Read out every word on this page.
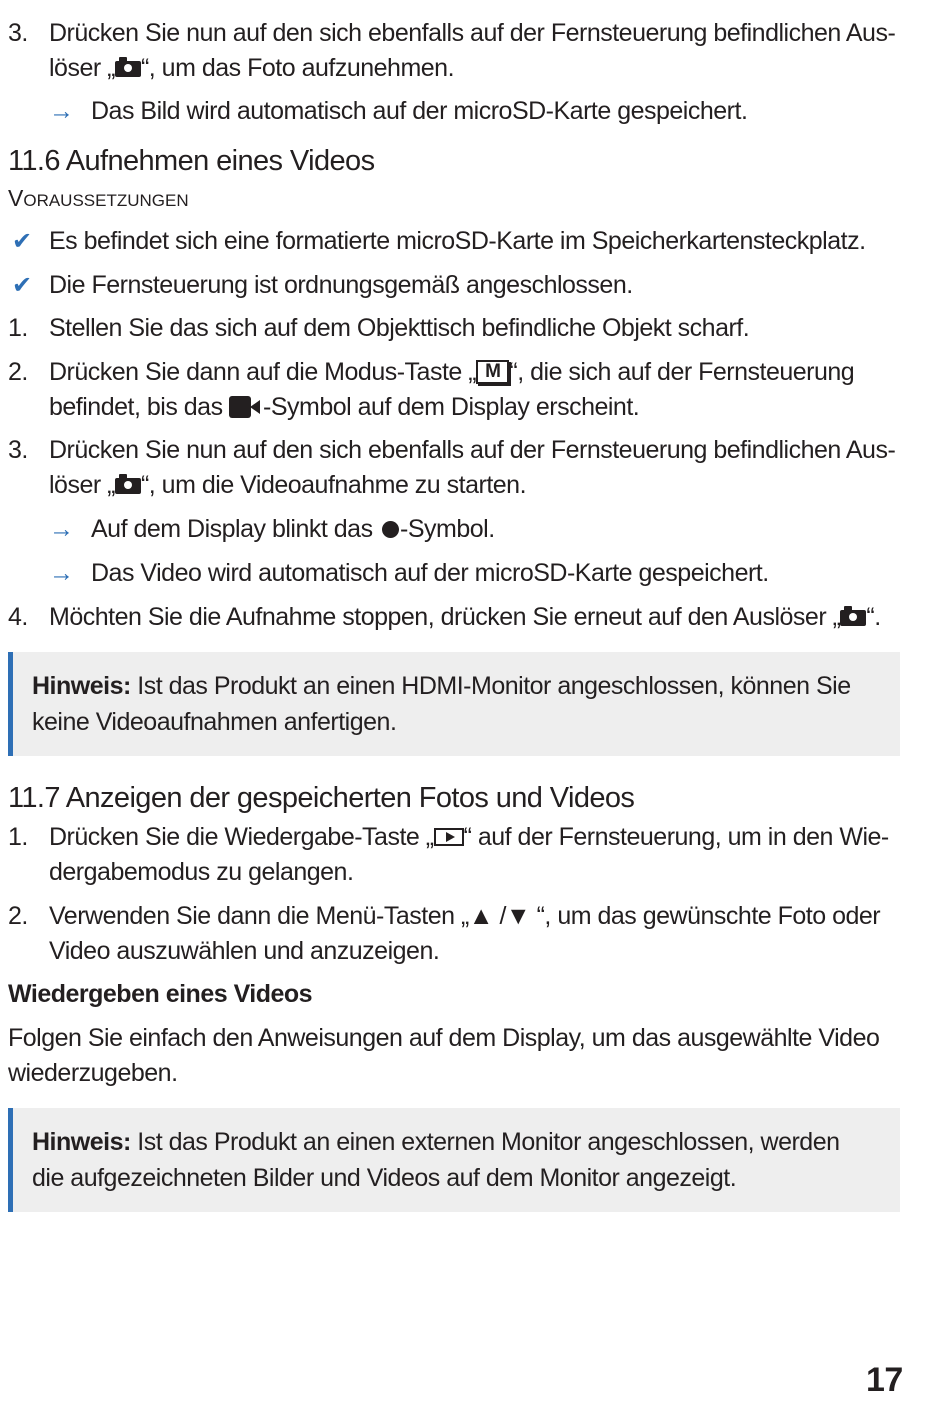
3. Drücken Sie nun auf den sich ebenfalls auf der Fernsteuerung befindlichen Aus-
löser „ “, um das Foto aufzunehmen.
→ Das Bild wird automatisch auf der microSD-Karte gespeichert.
11.6 Aufnehmen eines Videos
VORAUSSETZUNGEN
✔ Es befindet sich eine formatierte microSD-Karte im Speicherkartensteckplatz.
✔ Die Fernsteuerung ist ordnungsgemäß angeschlossen.
1. Stellen Sie das sich auf dem Objekttisch befindliche Objekt scharf.
2. Drücken Sie dann auf die Modus-Taste „ M “, die sich auf der Fernsteuerung
befindet, bis das -Symbol auf dem Display erscheint.
3. Drücken Sie nun auf den sich ebenfalls auf der Fernsteuerung befindlichen Aus-
löser „ “, um die Videoaufnahme zu starten.
→ Auf dem Display blinkt das -Symbol.
→ Das Video wird automatisch auf der microSD-Karte gespeichert.
4. Möchten Sie die Aufnahme stoppen, drücken Sie erneut auf den Auslöser „ “.
Hinweis: Ist das Produkt an einen HDMI-Monitor angeschlossen, können Sie
keine Videoaufnahmen anfertigen.
11.7 Anzeigen der gespeicherten Fotos und Videos
1. Drücken Sie die Wiedergabe-Taste „ “ auf der Fernsteuerung, um in den Wie-
dergabemodus zu gelangen.
2. Verwenden Sie dann die Menü-Tasten „▲ /▼ “, um das gewünschte Foto oder
Video auszuwählen und anzuzeigen.
Wiedergeben eines Videos
Folgen Sie einfach den Anweisungen auf dem Display, um das ausgewählte Video
wiederzugeben.
Hinweis: Ist das Produkt an einen externen Monitor angeschlossen, werden
die aufgezeichneten Bilder und Videos auf dem Monitor angezeigt.
17
